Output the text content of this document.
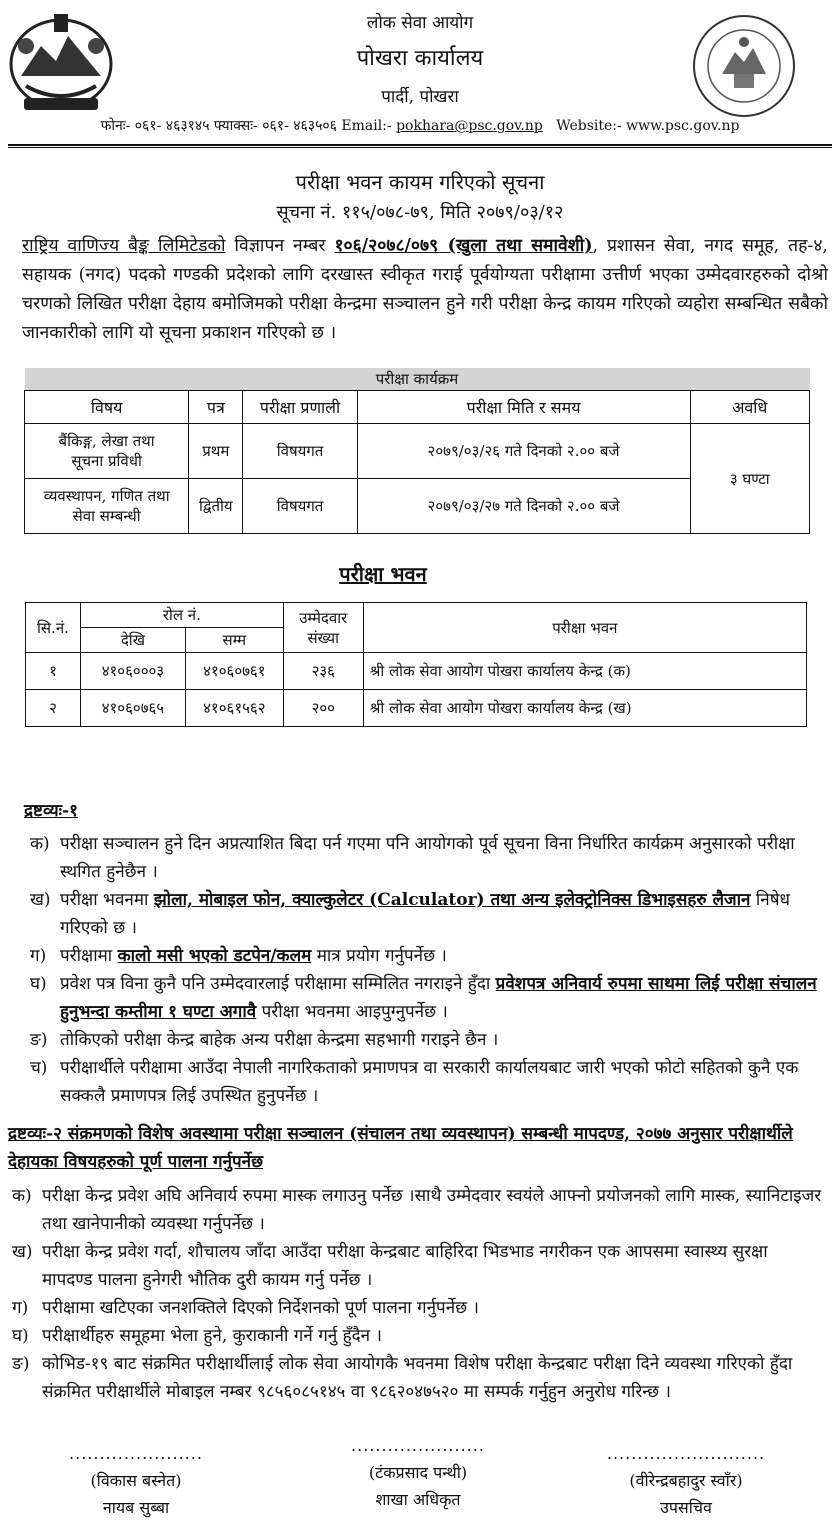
लोक सेवा आयोग
पोखरा कार्यालय
पार्दी, पोखरा
फोनः- ०६१- ४६३१४५ फ्याक्सः- ०६१- ४६३५०६ Email:- pokhara@psc.gov.np   Website:- www.psc.gov.np
परीक्षा भवन कायम गरिएको सूचना
सूचना नं. ११५/०७८-७९, मिति २०७९/०३/१२
राष्ट्रिय वाणिज्य बैङ्क लिमिटेडको विज्ञापन नम्बर १०६/२०७८/०७९ (खुला तथा समावेशी), प्रशासन सेवा, नगद समूह, तह-४, सहायक (नगद) पदको गण्डकी प्रदेशको लागि दरखास्त स्वीकृत गराई पूर्वयोग्यता परीक्षामा उत्तीर्ण भएका उम्मेदवारहरुको दोश्रो चरणको लिखित परीक्षा देहाय बमोजिमको परीक्षा केन्द्रमा सञ्चालन हुने गरी परीक्षा केन्द्र कायम गरिएको व्यहोरा सम्बन्धित सबैको जानकारीको लागि यो सूचना प्रकाशन गरिएको छ ।
परीक्षा कार्यक्रम				
विषय	पत्र	परीक्षा प्रणाली	परीक्षा मिति र समय	अवधि
बैंकिङ्ग, लेखा तथा सूचना प्रविधी	प्रथम	विषयगत	२०७९/०३/२६ गते दिनको २.०० बजे	३ घण्टा
व्यवस्थापन, गणित तथा सेवा सम्बन्धी	द्वितीय	विषयगत	२०७९/०३/२७ गते दिनको २.०० बजे	
परीक्षा भवन
सि.नं.	रोल नं.		उम्मेदवार संख्या	परीक्षा भवन
	देखि	सम्म		
१	४१०६०००३	४१०६०७६१	२३६	श्री लोक सेवा आयोग पोखरा कार्यालय केन्द्र (क)
२	४१०६०७६५	४१०६१५६२	२००	श्री लोक सेवा आयोग पोखरा कार्यालय केन्द्र (ख)
द्रष्टव्यः-१
क) परीक्षा सञ्चालन हुने दिन अप्रत्याशित बिदा पर्न गएमा पनि आयोगको पूर्व सूचना विना निर्धारित कार्यक्रम अनुसारको परीक्षा स्थगित हुनेछैन ।
ख) परीक्षा भवनमा झोला, मोबाइल फोन, क्याल्कुलेटर (Calculator) तथा अन्य इलेक्ट्रोनिक्स डिभाइसहरु लैजान निषेध गरिएको छ ।
ग) परीक्षामा कालो मसी भएको डटपेन/कलम मात्र प्रयोग गर्नुपर्नेछ ।
घ) प्रवेश पत्र विना कुनै पनि उम्मेदवारलाई परीक्षामा सम्मिलित नगराइने हुँदा प्रवेशपत्र अनिवार्य रुपमा साथमा लिई परीक्षा संचालन हुनुभन्दा कम्तीमा १ घण्टा अगावै परीक्षा भवनमा आइपुग्नुपर्नेछ ।
ङ) तोकिएको परीक्षा केन्द्र बाहेक अन्य परीक्षा केन्द्रमा सहभागी गराइने छैन ।
च) परीक्षार्थीले परीक्षामा आउँदा नेपाली नागरिकताको प्रमाणपत्र वा सरकारी कार्यालयबाट जारी भएको फोटो सहितको कुनै एक सक्कलै प्रमाणपत्र लिई उपस्थित हुनुपर्नेछ ।
द्रष्टव्यः-२ संक्रमणको विशेष अवस्थामा परीक्षा सञ्चालन (संचालन तथा व्यवस्थापन) सम्बन्धी मापदण्ड, २०७७ अनुसार परीक्षार्थीले देहायका विषयहरुको पूर्ण पालना गर्नुपर्नेछ
क) परीक्षा केन्द्र प्रवेश अघि अनिवार्य रुपमा मास्क लगाउनु पर्नेछ ।साथै उम्मेदवार स्वयंले आफ्नो प्रयोजनको लागि मास्क, स्यानिटाइजर तथा खानेपानीको व्यवस्था गर्नुपर्नेछ ।
ख) परीक्षा केन्द्र प्रवेश गर्दा, शौचालय जाँदा आउँदा परीक्षा केन्द्रबाट बाहिरिदा भिडभाड नगरीकन एक आपसमा स्वास्थ्य सुरक्षा मापदण्ड पालना हुनेगरी भौतिक दुरी कायम गर्नु पर्नेछ ।
ग) परीक्षामा खटिएका जनशक्तिले दिएको निर्देशनको पूर्ण पालना गर्नुपर्नेछ ।
घ) परीक्षार्थीहरु समूहमा भेला हुने, कुराकानी गर्ने गर्नु हुँदैन ।
ङ) कोभिड-१९ बाट संक्रमित परीक्षार्थीलाई लोक सेवा आयोगकै भवनमा विशेष परीक्षा केन्द्रबाट परीक्षा दिने व्यवस्था गरिएको हुँदा संक्रमित परीक्षार्थीले मोबाइल नम्बर ९८५६०८५१४५ वा ९८६२०४७५२० मा सम्पर्क गर्नुहुन अनुरोध गरिन्छ ।
......................
(विकास बस्नेत)
नायब सुब्बा
......................
(टंकप्रसाद पन्थी)
शाखा अधिकृत
..........................
(वीरेन्द्रबहादुर स्वाँर)
उपसचिव
